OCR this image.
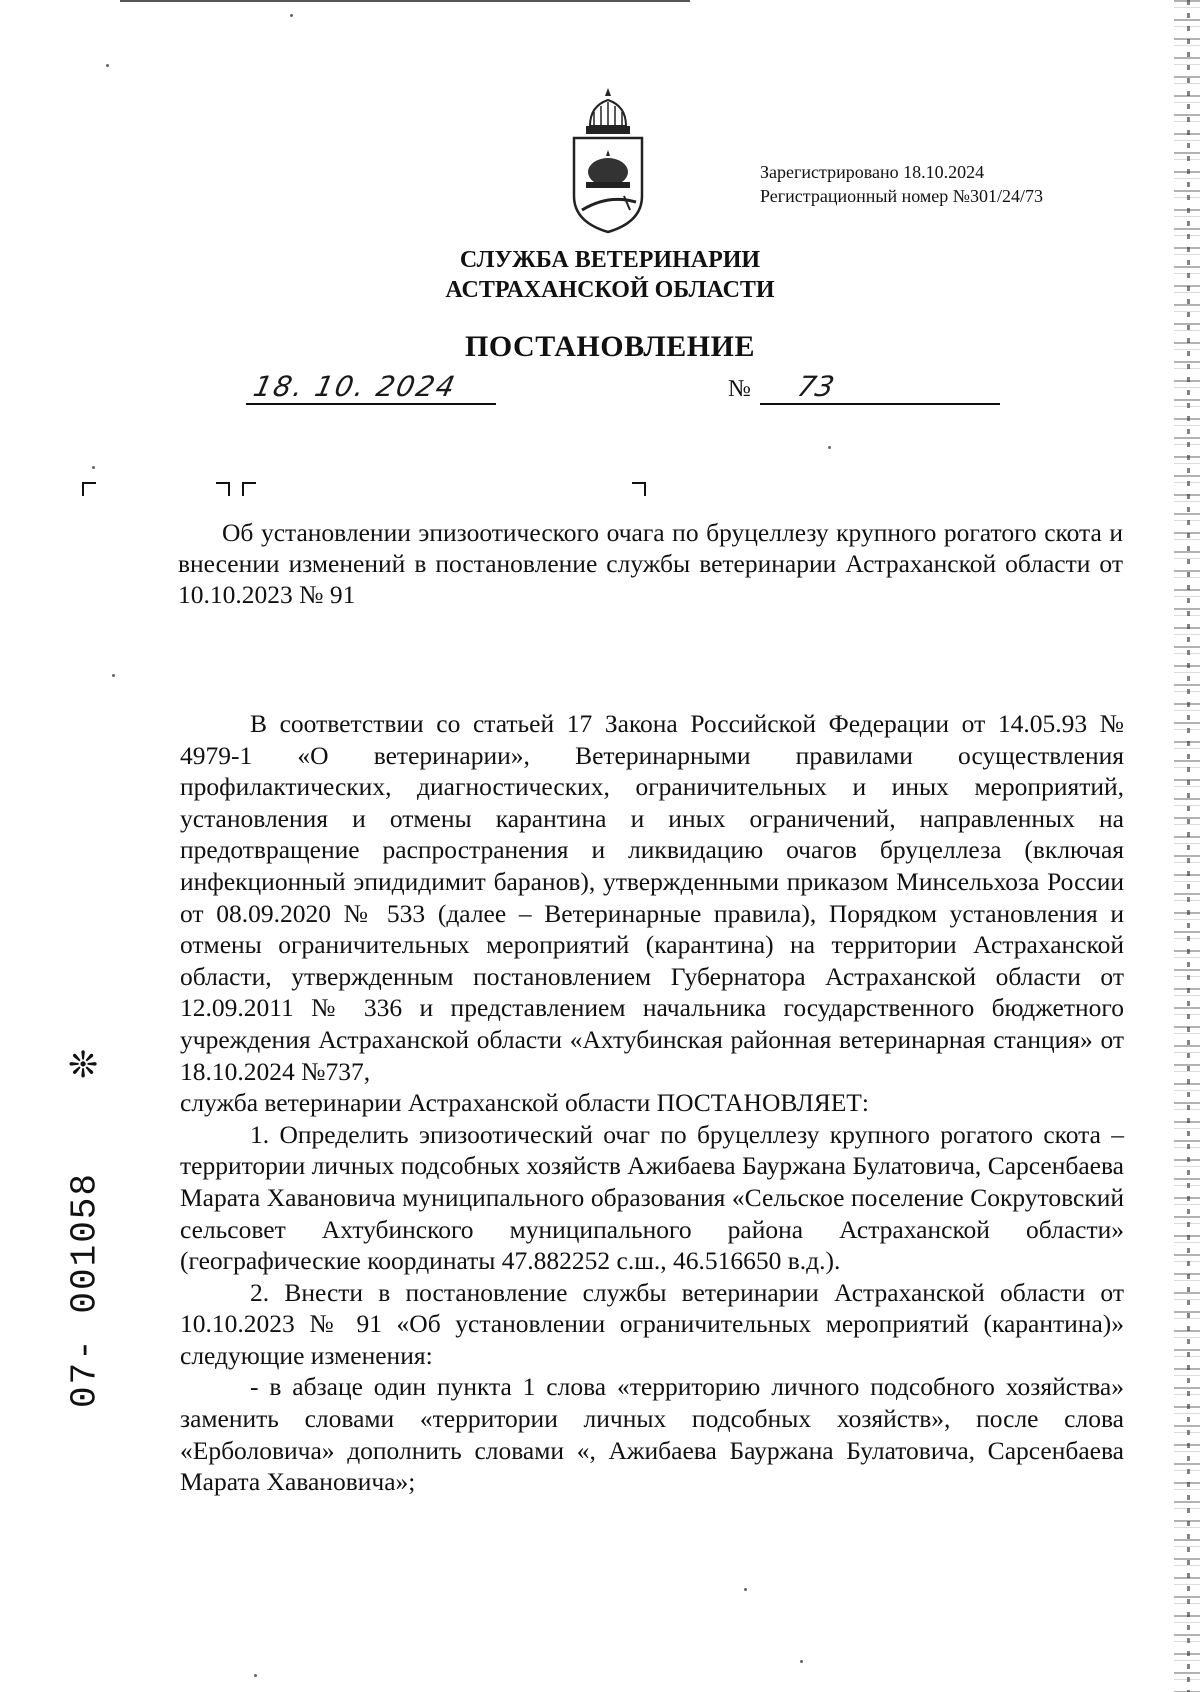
Зарегистрировано 18.10.2024
Регистрационный номер №301/24/73
СЛУЖБА ВЕТЕРИНАРИИ
АСТРАХАНСКОЙ ОБЛАСТИ
ПОСТАНОВЛЕНИЕ
18. 10. 2024	№ 73
Об установлении эпизоотического очага по бруцеллезу крупного рогатого скота и внесении изменений в постановление службы ветеринарии Астраханской области от 10.10.2023 № 91

В соответствии со статьей 17 Закона Российской Федерации от 14.05.93 № 4979-1 «О ветеринарии», Ветеринарными правилами осуществления профилактических, диагностических, ограничительных и иных мероприятий, установления и отмены карантина и иных ограничений, направленных на предотвращение распространения и ликвидацию очагов бруцеллеза (включая инфекционный эпидидимит баранов), утвержденными приказом Минсельхоза России от 08.09.2020 № 533 (далее – Ветеринарные правила), Порядком установления и отмены ограничительных мероприятий (карантина) на территории Астраханской области, утвержденным постановлением Губернатора Астраханской области от 12.09.2011 № 336 и представлением начальника государственного бюджетного учреждения Астраханской области «Ахтубинская районная ветеринарная станция» от 18.10.2024 №737,

служба ветеринарии Астраханской области ПОСТАНОВЛЯЕТ:

1. Определить эпизоотический очаг по бруцеллезу крупного рогатого скота – территории личных подсобных хозяйств Ажибаева Бауржана Булатовича, Сарсенбаева Марата Хавановича муниципального образования «Сельское поселение Сокрутовский сельсовет Ахтубинского муниципального района Астраханской области» (географические координаты 47.882252 с.ш., 46.516650 в.д.).

2. Внести в постановление службы ветеринарии Астраханской области от 10.10.2023 № 91 «Об установлении ограничительных мероприятий (карантина)» следующие изменения:

- в абзаце один пункта 1 слова «территорию личного подсобного хозяйства» заменить словами «территории личных подсобных хозяйств», после слова «Ерболовича» дополнить словами «, Ажибаева Бауржана Булатовича, Сарсенбаева Марата Хавановича»;

❊
07- 001058
